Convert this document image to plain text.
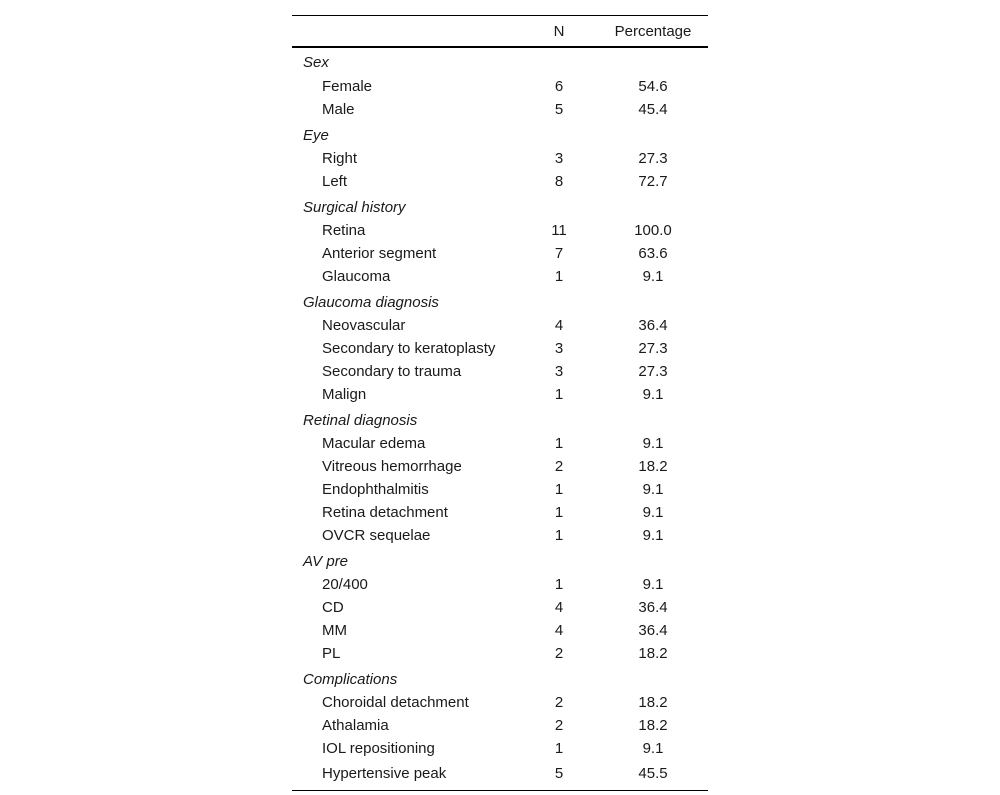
	N	Percentage
Sex		
Female	6	54.6
Male	5	45.4
Eye		
Right	3	27.3
Left	8	72.7
Surgical history		
Retina	11	100.0
Anterior segment	7	63.6
Glaucoma	1	9.1
Glaucoma diagnosis		
Neovascular	4	36.4
Secondary to keratoplasty	3	27.3
Secondary to trauma	3	27.3
Malign	1	9.1
Retinal diagnosis		
Macular edema	1	9.1
Vitreous hemorrhage	2	18.2
Endophthalmitis	1	9.1
Retina detachment	1	9.1
OVCR sequelae	1	9.1
AV pre		
20/400	1	9.1
CD	4	36.4
MM	4	36.4
PL	2	18.2
Complications		
Choroidal detachment	2	18.2
Athalamia	2	18.2
IOL repositioning	1	9.1
Hypertensive peak	5	45.5
